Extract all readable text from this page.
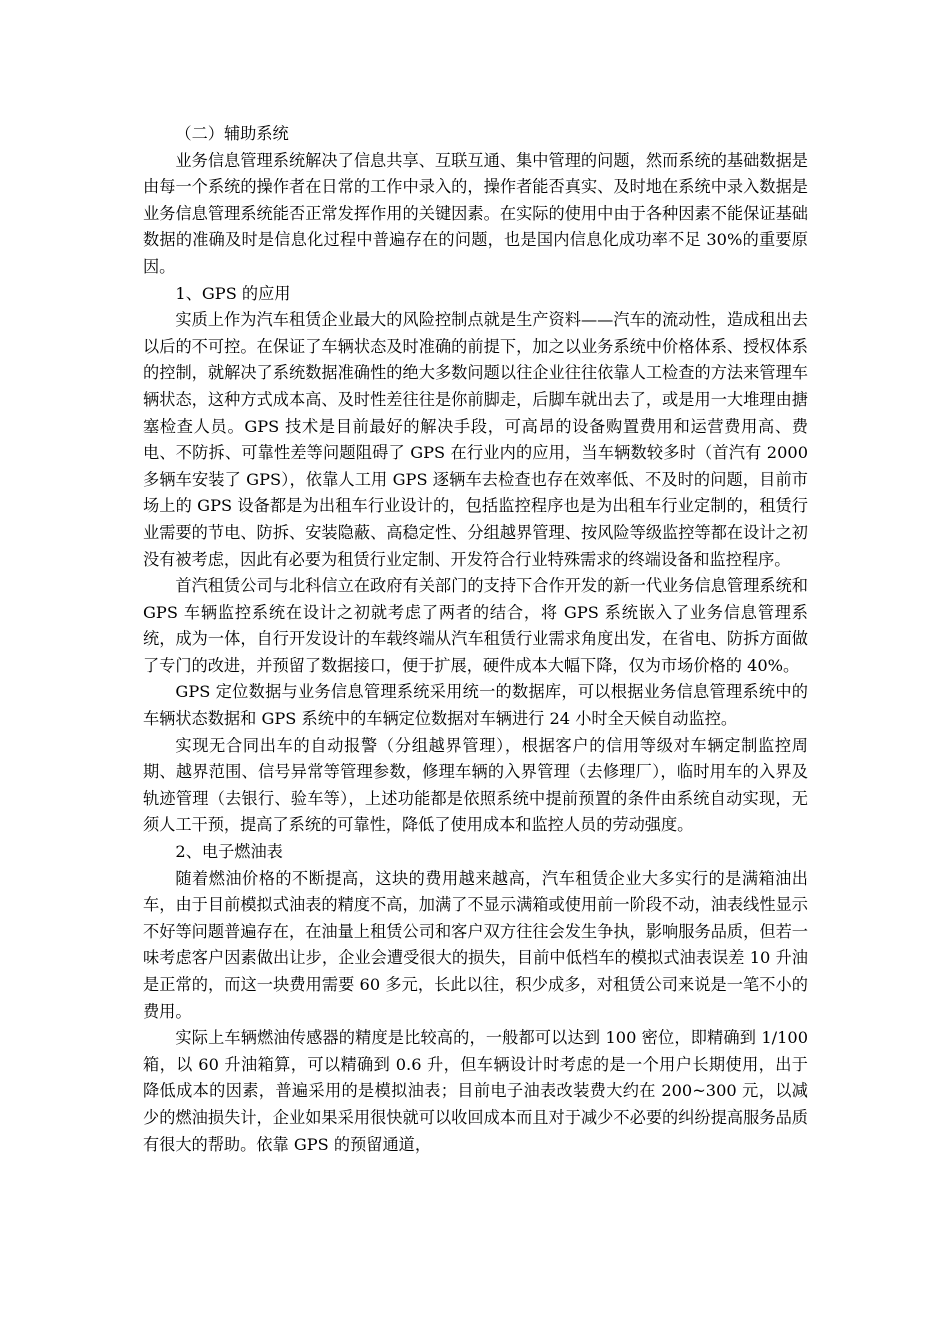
（二）辅助系统

业务信息管理系统解决了信息共享、互联互通、集中管理的问题，然而系统的基础数据是由每一个系统的操作者在日常的工作中录入的，操作者能否真实、及时地在系统中录入数据是业务信息管理系统能否正常发挥作用的关键因素。在实际的使用中由于各种因素不能保证基础数据的准确及时是信息化过程中普遍存在的问题，也是国内信息化成功率不足 30%的重要原因。

1、GPS 的应用

实质上作为汽车租赁企业最大的风险控制点就是生产资料——汽车的流动性，造成租出去以后的不可控。在保证了车辆状态及时准确的前提下，加之以业务系统中价格体系、授权体系的控制，就解决了系统数据准确性的绝大多数问题以往企业往往依靠人工检查的方法来管理车辆状态，这种方式成本高、及时性差往往是你前脚走，后脚车就出去了，或是用一大堆理由搪塞检查人员。GPS 技术是目前最好的解决手段，可高昂的设备购置费用和运营费用高、费电、不防拆、可靠性差等问题阻碍了 GPS 在行业内的应用，当车辆数较多时（首汽有 2000 多辆车安装了 GPS），依靠人工用 GPS 逐辆车去检查也存在效率低、不及时的问题，目前市场上的 GPS 设备都是为出租车行业设计的，包括监控程序也是为出租车行业定制的，租赁行业需要的节电、防拆、安装隐蔽、高稳定性、分组越界管理、按风险等级监控等都在设计之初没有被考虑，因此有必要为租赁行业定制、开发符合行业特殊需求的终端设备和监控程序。

首汽租赁公司与北科信立在政府有关部门的支持下合作开发的新一代业务信息管理系统和 GPS 车辆监控系统在设计之初就考虑了两者的结合，将 GPS 系统嵌入了业务信息管理系统，成为一体，自行开发设计的车载终端从汽车租赁行业需求角度出发，在省电、防拆方面做了专门的改进，并预留了数据接口，便于扩展，硬件成本大幅下降，仅为市场价格的 40%。

GPS 定位数据与业务信息管理系统采用统一的数据库，可以根据业务信息管理系统中的车辆状态数据和 GPS 系统中的车辆定位数据对车辆进行 24 小时全天候自动监控。

实现无合同出车的自动报警（分组越界管理），根据客户的信用等级对车辆定制监控周期、越界范围、信号异常等管理参数，修理车辆的入界管理（去修理厂），临时用车的入界及轨迹管理（去银行、验车等），上述功能都是依照系统中提前预置的条件由系统自动实现，无须人工干预，提高了系统的可靠性，降低了使用成本和监控人员的劳动强度。

2、电子燃油表

随着燃油价格的不断提高，这块的费用越来越高，汽车租赁企业大多实行的是满箱油出车，由于目前模拟式油表的精度不高，加满了不显示满箱或使用前一阶段不动，油表线性显示不好等问题普遍存在，在油量上租赁公司和客户双方往往会发生争执，影响服务品质，但若一味考虑客户因素做出让步，企业会遭受很大的损失，目前中低档车的模拟式油表误差 10 升油是正常的，而这一块费用需要 60 多元，长此以往，积少成多，对租赁公司来说是一笔不小的费用。

实际上车辆燃油传感器的精度是比较高的，一般都可以达到 100 密位，即精确到 1/100 箱，以 60 升油箱算，可以精确到 0.6 升，但车辆设计时考虑的是一个用户长期使用，出于降低成本的因素，普遍采用的是模拟油表；目前电子油表改装费大约在 200~300 元，以减少的燃油损失计，企业如果采用很快就可以收回成本而且对于减少不必要的纠纷提高服务品质有很大的帮助。依靠 GPS 的预留通道，
